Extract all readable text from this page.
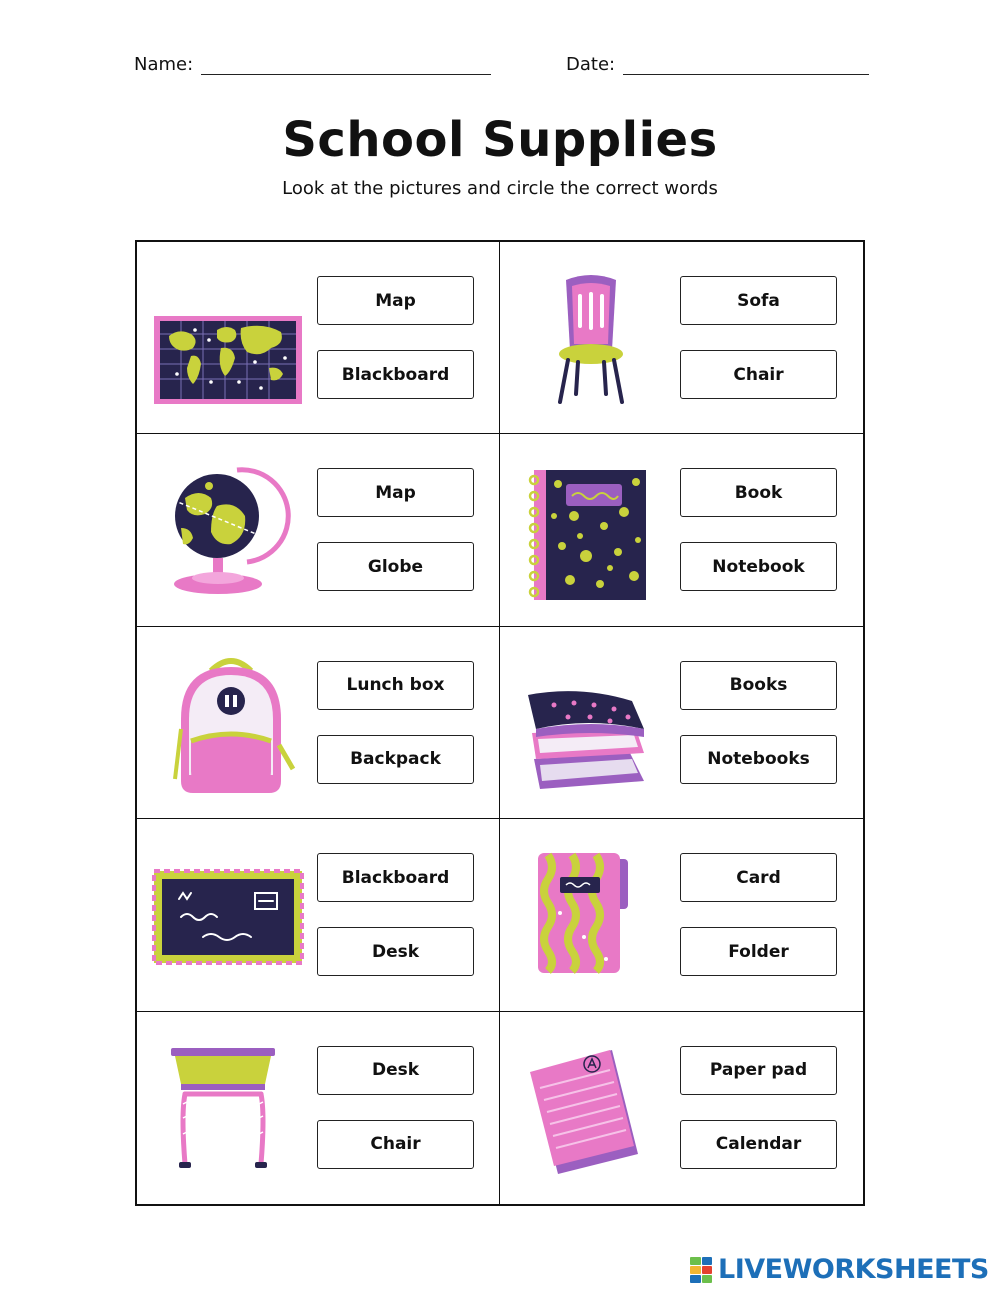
Name:	Date:
School Supplies
Look at the pictures and circle the correct words
Map
Blackboard
Sofa
Chair
Map
Globe
Book
Notebook
Lunch box
Backpack
Books
Notebooks
Blackboard
Desk
Card
Folder
Desk
Chair
Paper pad
Calendar
LIVEWORKSHEETS
